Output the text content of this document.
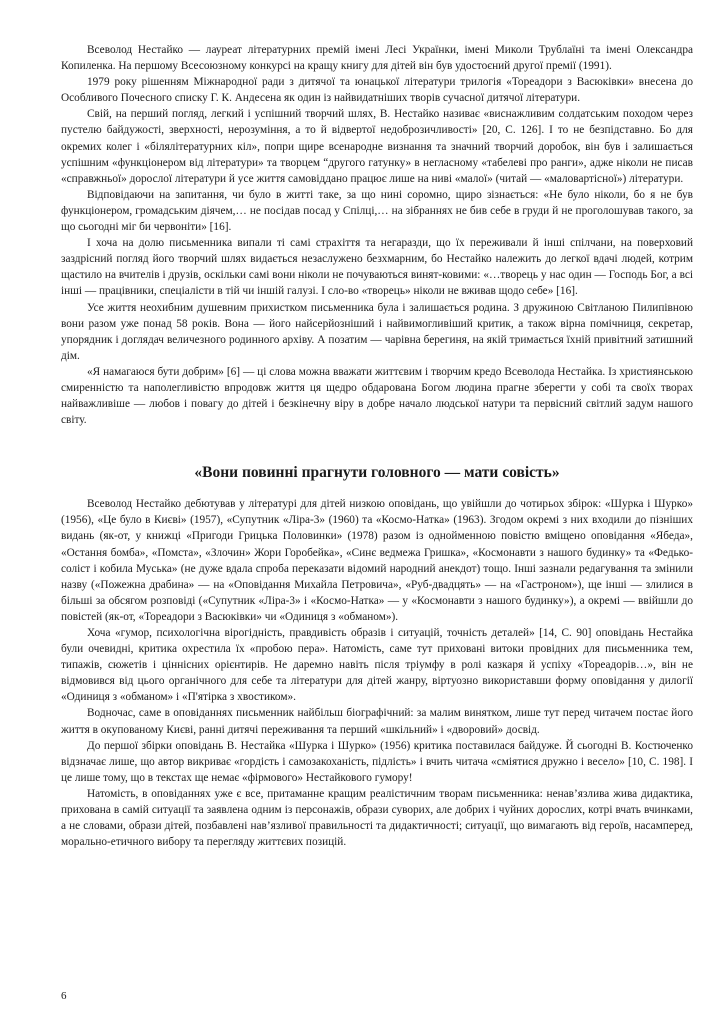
Всеволод Нестайко — лауреат літературних премій імені Лесі Українки, імені Миколи Трублаїні та імені Олександра Копиленка. На першому Всесоюзному конкурсі на кращу книгу для дітей він був удостоєний другої премії (1991).

1979 року рішенням Міжнародної ради з дитячої та юнацької літератури трилогія «Тореадори з Васюківки» внесена до Особливого Почесного списку Г. К. Андесена як один із найвидатніших творів сучасної дитячої літератури.

Свій, на перший погляд, легкий і успішний творчий шлях, В. Нестайко називає «виснажливим солдатським походом через пустелю байдужості, зверхності, нерозуміння, а то й відвертої недоброзичливості» [20, С. 126]. І то не безпідставно. Бо для окремих колег і «білялітературних кіл», попри щире всенародне визнання та значний творчий доробок, він був і залишається успішним «функціонером від літератури» та творцем “другого гатунку» в негласному «табелеві про ранги», адже ніколи не писав «справжньої» дорослої літератури й усе життя самовіддано працює лише на ниві «малої» (читай — «маловартісної») літератури.

Відповідаючи на запитання, чи було в житті таке, за що нині соромно, щиро зізнається: «Не було ніколи, бо я не був функціонером, громадським діячем,… не посідав посад у Спілці,… на зібраннях не бив себе в груди й не проголошував такого, за що сьогодні міг би червоніти» [16].

І хоча на долю письменника випали ті самі страхіття та негаразди, що їх переживали й інші спілчани, на поверховий заздрісний погляд його творчий шлях видається незаслужено безхмарним, бо Нестайко належить до легкої вдачі людей, котрим щастило на вчителів і друзів, оскільки самі вони ніколи не почуваються винят-ковими: «…творець у нас один — Господь Бог, а всі інші — працівники, спеціалісти в тій чи іншій галузі. І сло-во «творець» ніколи не вживав щодо себе» [16].

Усе життя неохибним душевним прихистком письменника була і залишається родина. З дружиною Світланою Пилипівною вони разом уже понад 58 років. Вона — його найсерйозніший і найвимогливіший критик, а також вірна помічниця, секретар, упорядник і доглядач величезного родинного архіву. А позатим — чарівна берегиня, на якій тримається їхній привітний затишний дім.

«Я намагаюся бути добрим» [6] — ці слова можна вважати життєвим і творчим кредо Всеволода Нестайка. Із християнською смиренністю та наполегливістю впродовж життя ця щедро обдарована Богом людина прагне зберегти у собі та своїх творах найважливіше — любов і повагу до дітей і безкінечну віру в добре начало людської натури та первісний світлий задум нашого світу.

«Вони повинні прагнути головного — мати совість»

Всеволод Нестайко дебютував у літературі для дітей низкою оповідань, що увійшли до чотирьох збірок: «Шурка і Шурко» (1956), «Це було в Києві» (1957), «Супутник «Ліра-3» (1960) та «Космо-Натка» (1963). Згодом окремі з них входили до пізніших видань (як-от, у книжці «Пригоди Грицька Половинки» (1978) разом із однойменною повістю вміщено оповідання «Ябеда», «Остання бомба», «Помста», «Злочин» Жори Горобейка», «Синє ведмежа Гришка», «Космонавти з нашого будинку» та «Федько-соліст і кобила Муська» (не дуже вдала спроба переказати відомий народний анекдот) тощо. Інші зазнали редагування та змінили назву («Пожежна драбина» — на «Оповідання Михайла Петровича», «Руб-двадцять» — на «Гастроном»), ще інші — злилися в більші за обсягом розповіді («Супутник «Ліра-3» і «Космо-Натка» — у «Космонавти з нашого будинку»), а окремі — ввійшли до повістей (як-от, «Тореадори з Васюківки» чи «Одиниця з «обманом»).

Хоча «гумор, психологічна вірогідність, правдивість образів і ситуацій, точність деталей» [14, С. 90] оповідань Нестайка були очевидні, критика охрестила їх «пробою пера». Натомість, саме тут приховані витоки провідних для письменника тем, типажів, сюжетів і ціннісних орієнтирів. Не даремно навіть після тріумфу в ролі казкаря й успіху «Тореадорів…», він не відмовився від цього органічного для себе та літератури для дітей жанру, віртуозно використавши форму оповідання у дилогії «Одиниця з «обманом» і «П'ятірка з хвостиком».

Водночас, саме в оповіданнях письменник найбільш біографічний: за малим винятком, лише тут перед читачем постає його життя в окупованому Києві, ранні дитячі переживання та перший «шкільний» і «дворовий» досвід.

До першої збірки оповідань В. Нестайка «Шурка і Шурко» (1956) критика поставилася байдуже. Й сьогодні В. Костюченко відзначає лише, що автор викриває «гордість і самозакоханість, підлість» і вчить читача «сміятися дружно і весело» [10, С. 198]. І це лише тому, що в текстах ще немає «фірмового» Нестайкового гумору!

Натомість, в оповіданнях уже є все, притаманне кращим реалістичним творам письменника: ненав’язлива жива дидактика, прихована в самій ситуації та заявлена одним із персонажів, образи суворих, але добрих і чуйних дорослих, котрі вчать вчинками, а не словами, образи дітей, позбавлені нав’язливої правильності та дидактичності; ситуації, що вимагають від героїв, насамперед, морально-етичного вибору та перегляду життєвих позицій.

6
